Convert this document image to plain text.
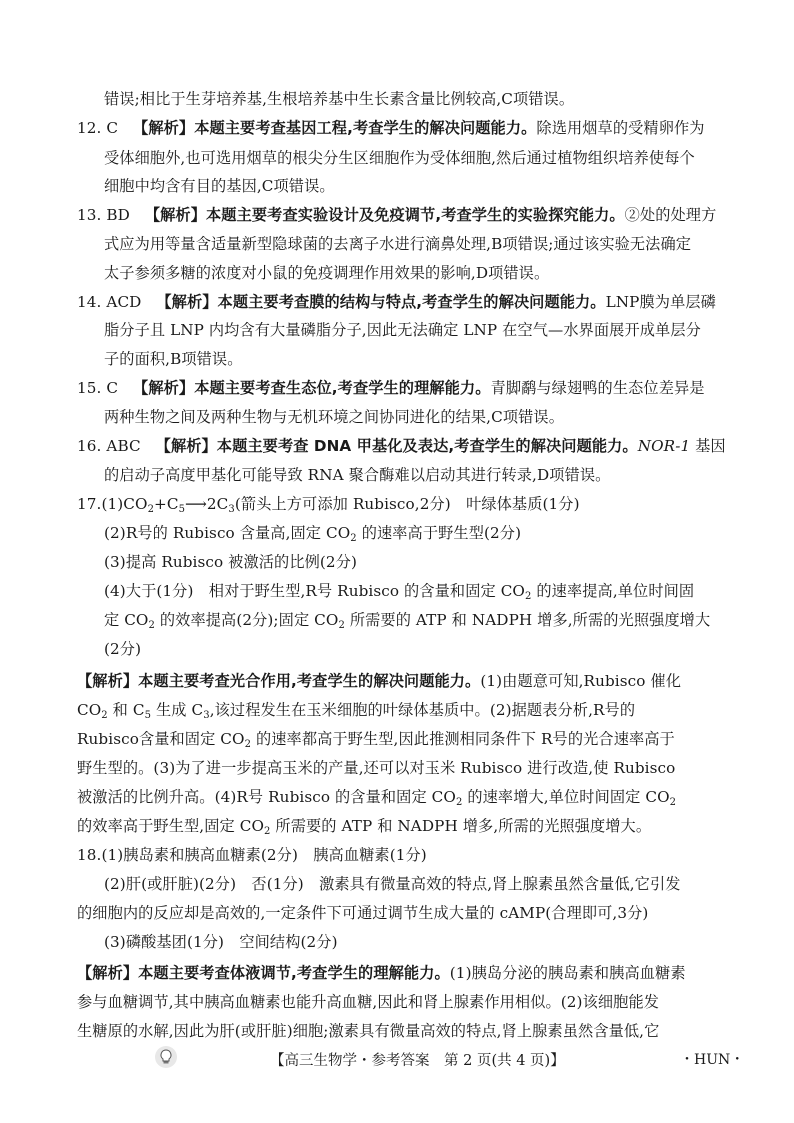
错误;相比于生芽培养基,生根培养基中生长素含量比例较高,C项错误。
12. C 【解析】本题主要考查基因工程,考查学生的解决问题能力。除选用烟草的受精卵作为
受体细胞外,也可选用烟草的根尖分生区细胞作为受体细胞,然后通过植物组织培养使每个
细胞中均含有目的基因,C项错误。
13. BD 【解析】本题主要考查实验设计及免疫调节,考查学生的实验探究能力。②处的处理方
式应为用等量含适量新型隐球菌的去离子水进行滴鼻处理,B项错误;通过该实验无法确定
太子参须多糖的浓度对小鼠的免疫调理作用效果的影响,D项错误。
14. ACD 【解析】本题主要考查膜的结构与特点,考查学生的解决问题能力。LNP膜为单层磷
脂分子且 LNP 内均含有大量磷脂分子,因此无法确定 LNP 在空气—水界面展开成单层分
子的面积,B项错误。
15. C 【解析】本题主要考查生态位,考查学生的理解能力。青脚鹬与绿翅鸭的生态位差异是
两种生物之间及两种生物与无机环境之间协同进化的结果,C项错误。
16. ABC 【解析】本题主要考查 DNA 甲基化及表达,考查学生的解决问题能力。NOR-1 基因
的启动子高度甲基化可能导致 RNA 聚合酶难以启动其进行转录,D项错误。
$17.(1)CO_2+C_5⟶2C_3$(箭头上方可添加 Rubisco,2分)　叶绿体基质(1分)
(2)R号的 Rubisco 含量高,固定 $CO_2$ 的速率高于野生型(2分)
(3)提高 Rubisco 被激活的比例(2分)
(4)大于(1分)　相对于野生型,R号 Rubisco 的含量和固定 $CO_2$ 的速率提高,单位时间固
定 $CO_2$ 的效率提高(2分);固定 $CO_2$ 所需要的 ATP 和 NADPH 增多,所需的光照强度增大
(2分)
【解析】本题主要考查光合作用,考查学生的解决问题能力。(1)由题意可知,Rubisco 催化
$CO_2$ 和 $C_5$ 生成 $C_3$,该过程发生在玉米细胞的叶绿体基质中。(2)据题表分析,R号的
Rubisco含量和固定 $CO_2$ 的速率都高于野生型,因此推测相同条件下 R号的光合速率高于
野生型的。(3)为了进一步提高玉米的产量,还可以对玉米 Rubisco 进行改造,使 Rubisco
被激活的比例升高。(4)R号 Rubisco 的含量和固定 $CO_2$ 的速率增大,单位时间固定 $CO_2$
的效率高于野生型,固定 $CO_2$ 所需要的 ATP 和 NADPH 增多,所需的光照强度增大。
18.(1)胰岛素和胰高血糖素(2分)　胰高血糖素(1分)
(2)肝(或肝脏)(2分)　否(1分)　激素具有微量高效的特点,肾上腺素虽然含量低,它引发
的细胞内的反应却是高效的,一定条件下可通过调节生成大量的 cAMP(合理即可,3分)
(3)磷酸基团(1分)　空间结构(2分)
【解析】本题主要考查体液调节,考查学生的理解能力。(1)胰岛分泌的胰岛素和胰高血糖素
参与血糖调节,其中胰高血糖素也能升高血糖,因此和肾上腺素作用相似。(2)该细胞能发
生糖原的水解,因此为肝(或肝脏)细胞;激素具有微量高效的特点,肾上腺素虽然含量低,它
【高三生物学・参考答案　第 2 页(共 4 页)】	・HUN・
